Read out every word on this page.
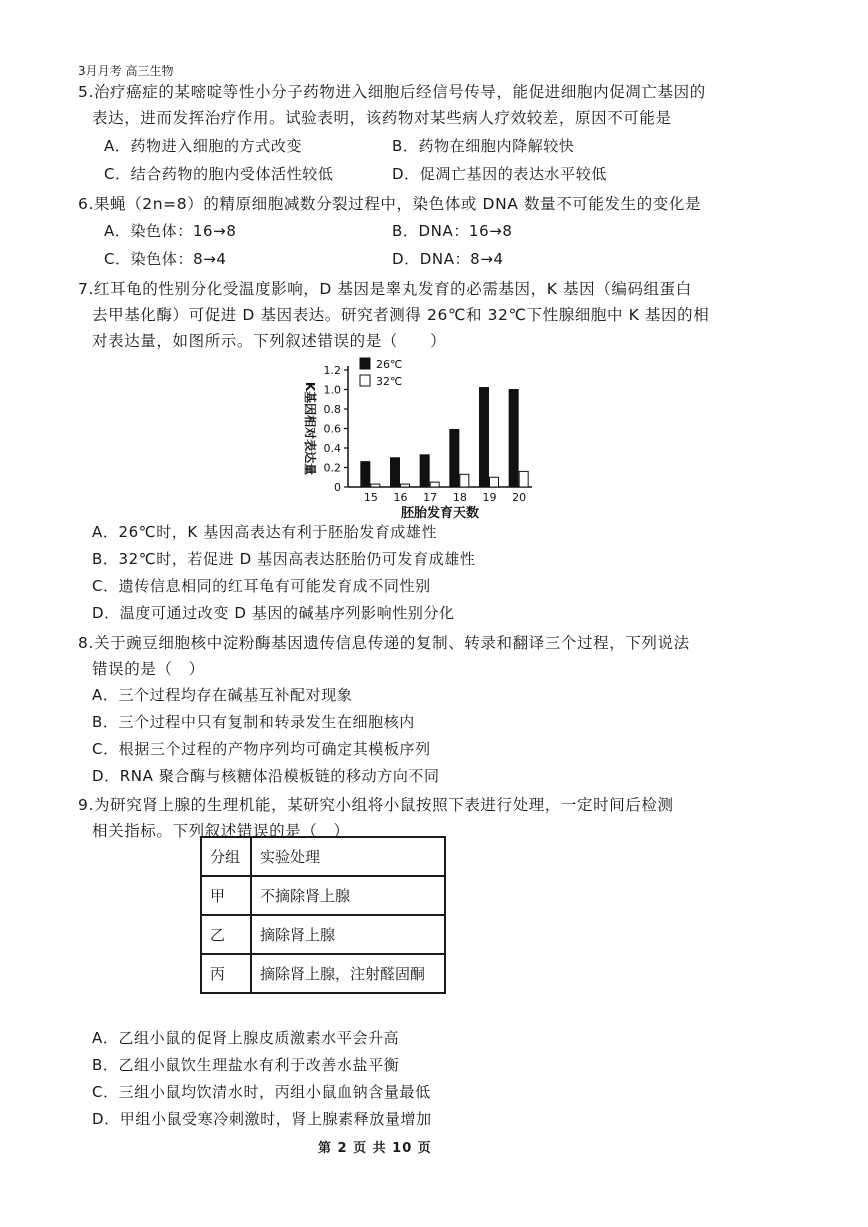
3月月考 高三生物
5.治疗癌症的某嘧啶等性小分子药物进入细胞后经信号传导，能促进细胞内促凋亡基因的
表达，进而发挥治疗作用。试验表明，该药物对某些病人疗效较差，原因不可能是
A．药物进入细胞的方式改变	B．药物在细胞内降解较快
C．结合药物的胞内受体活性较低	D．促凋亡基因的表达水平较低
6.果蝇（2n=8）的精原细胞减数分裂过程中，染色体或 DNA 数量不可能发生的变化是
A．染色体：16→8	B．DNA：16→8
C．染色体：8→4	D．DNA：8→4
7.红耳龟的性别分化受温度影响，D 基因是睾丸发育的必需基因，K 基因（编码组蛋白
去甲基化酶）可促进 D 基因表达。研究者测得 26℃和 32℃下性腺细胞中 K 基因的相
对表达量，如图所示。下列叙述错误的是（　　）
0
0.2
0.4
0.6
0.8
1.0
1.2
K基因相对表达量
15 16 17 18 19 20
胚胎发育天数
26℃
32℃
A．26℃时，K 基因高表达有利于胚胎发育成雄性
B．32℃时，若促进 D 基因高表达胚胎仍可发育成雄性
C．遗传信息相同的红耳龟有可能发育成不同性别
D．温度可通过改变 D 基因的碱基序列影响性别分化
8.关于豌豆细胞核中淀粉酶基因遗传信息传递的复制、转录和翻译三个过程，下列说法
错误的是（　）
A．三个过程均存在碱基互补配对现象
B．三个过程中只有复制和转录发生在细胞核内
C．根据三个过程的产物序列均可确定其模板序列
D．RNA 聚合酶与核糖体沿模板链的移动方向不同
9.为研究肾上腺的生理机能，某研究小组将小鼠按照下表进行处理，一定时间后检测
相关指标。下列叙述错误的是（　）
分组	实验处理
甲	不摘除肾上腺
乙	摘除肾上腺
丙	摘除肾上腺，注射醛固酮
A．乙组小鼠的促肾上腺皮质激素水平会升高
B．乙组小鼠饮生理盐水有利于改善水盐平衡
C．三组小鼠均饮清水时，丙组小鼠血钠含量最低
D．甲组小鼠受寒冷刺激时，肾上腺素释放量增加
第 2 页 共 10 页
